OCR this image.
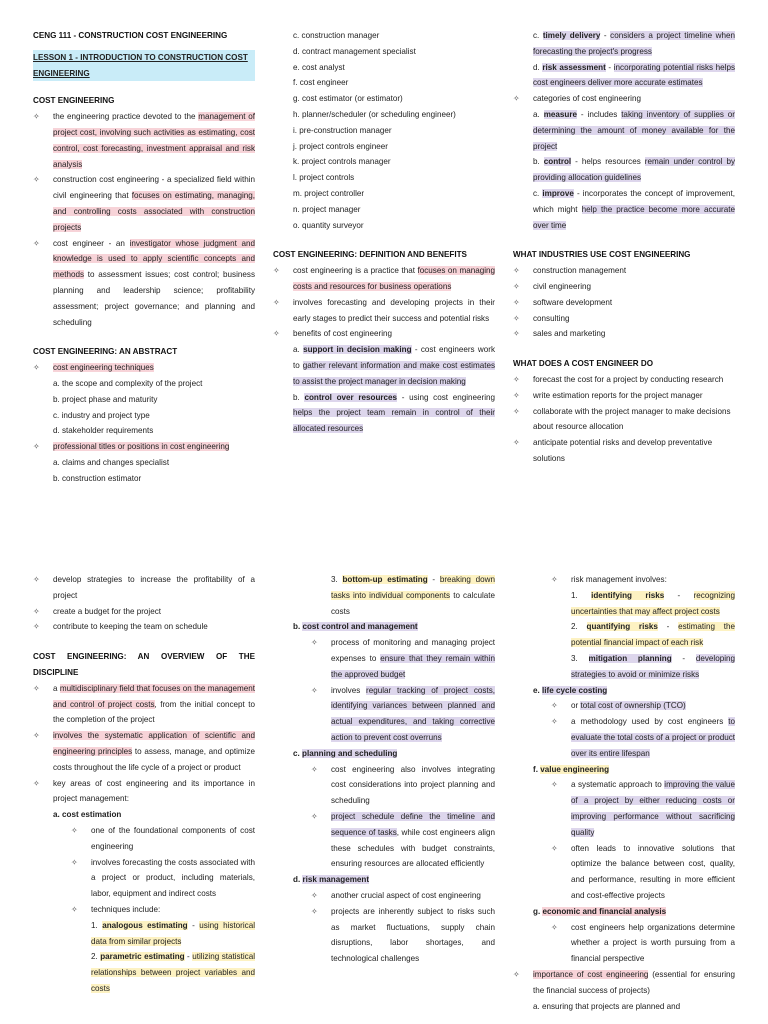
CENG 111 - CONSTRUCTION COST ENGINEERING
LESSON 1 - INTRODUCTION TO CONSTRUCTION COST ENGINEERING
COST ENGINEERING
✧ the engineering practice devoted to the management of project cost, involving such activities as estimating, cost control, cost forecasting, investment appraisal and risk analysis
✧ construction cost engineering - a specialized field within civil engineering that focuses on estimating, managing, and controlling costs associated with construction projects
✧ cost engineer - an investigator whose judgment and knowledge is used to apply scientific concepts and methods to assessment issues; cost control; business planning and leadership science; profitability assessment; project governance; and planning and scheduling
COST ENGINEERING: AN ABSTRACT
✧ cost engineering techniques
a. the scope and complexity of the project
b. project phase and maturity
c. industry and project type
d. stakeholder requirements
✧ professional titles or positions in cost engineering
a. claims and changes specialist
b. construction estimator
c. construction manager
d. contract management specialist
e. cost analyst
f. cost engineer
g. cost estimator (or estimator)
h. planner/scheduler (or scheduling engineer)
i. pre-construction manager
j. project controls engineer
k. project controls manager
l. project controls
m. project controller
n. project manager
o. quantity surveyor
COST ENGINEERING: DEFINITION AND BENEFITS
✧ cost engineering is a practice that focuses on managing costs and resources for business operations
✧ involves forecasting and developing projects in their early stages to predict their success and potential risks
✧ benefits of cost engineering
a. support in decision making - cost engineers work to gather relevant information and make cost estimates to assist the project manager in decision making
b. control over resources - using cost engineering helps the project team remain in control of their allocated resources
c. timely delivery - considers a project timeline when forecasting the project's progress
d. risk assessment - incorporating potential risks helps cost engineers deliver more accurate estimates
✧ categories of cost engineering
a. measure - includes taking inventory of supplies or determining the amount of money available for the project
b. control - helps resources remain under control by providing allocation guidelines
c. improve - incorporates the concept of improvement, which might help the practice become more accurate over time
WHAT INDUSTRIES USE COST ENGINEERING
✧ construction management
✧ civil engineering
✧ software development
✧ consulting
✧ sales and marketing
WHAT DOES A COST ENGINEER DO
✧ forecast the cost for a project by conducting research
✧ write estimation reports for the project manager
✧ collaborate with the project manager to make decisions about resource allocation
✧ anticipate potential risks and develop preventative solutions
✧ develop strategies to increase the profitability of a project
✧ create a budget for the project
✧ contribute to keeping the team on schedule
COST ENGINEERING: AN OVERVIEW OF THE DISCIPLINE
✧ a multidisciplinary field that focuses on the management and control of project costs, from the initial concept to the completion of the project
✧ involves the systematic application of scientific and engineering principles to assess, manage, and optimize costs throughout the life cycle of a project or product
✧ key areas of cost engineering and its importance in project management:
a. cost estimation
✧ one of the foundational components of cost engineering
✧ involves forecasting the costs associated with a project or product, including materials, labor, equipment and indirect costs
✧ techniques include:
1. analogous estimating - using historical data from similar projects
2. parametric estimating - utilizing statistical relationships between project variables and costs
3. bottom-up estimating - breaking down tasks into individual components to calculate costs
b. cost control and management
✧ process of monitoring and managing project expenses to ensure that they remain within the approved budget
✧ involves regular tracking of project costs, identifying variances between planned and actual expenditures, and taking corrective action to prevent cost overruns
c. planning and scheduling
✧ cost engineering also involves integrating cost considerations into project planning and scheduling
✧ project schedule define the timeline and sequence of tasks, while cost engineers align these schedules with budget constraints, ensuring resources are allocated efficiently
d. risk management
✧ another crucial aspect of cost engineering
✧ projects are inherently subject to risks such as market fluctuations, supply chain disruptions, labor shortages, and technological challenges
✧ risk management involves:
1. identifying risks - recognizing uncertainties that may affect project costs
2. quantifying risks - estimating the potential financial impact of each risk
3. mitigation planning - developing strategies to avoid or minimize risks
e. life cycle costing
✧ or total cost of ownership (TCO)
✧ a methodology used by cost engineers to evaluate the total costs of a project or product over its entire lifespan
f. value engineering
✧ a systematic approach to improving the value of a project by either reducing costs or improving performance without sacrificing quality
✧ often leads to innovative solutions that optimize the balance between cost, quality, and performance, resulting in more efficient and cost-effective projects
g. economic and financial analysis
✧ cost engineers help organizations determine whether a project is worth pursuing from a financial perspective
✧ importance of cost engineering (essential for ensuring the financial success of projects)
a. ensuring that projects are planned and
